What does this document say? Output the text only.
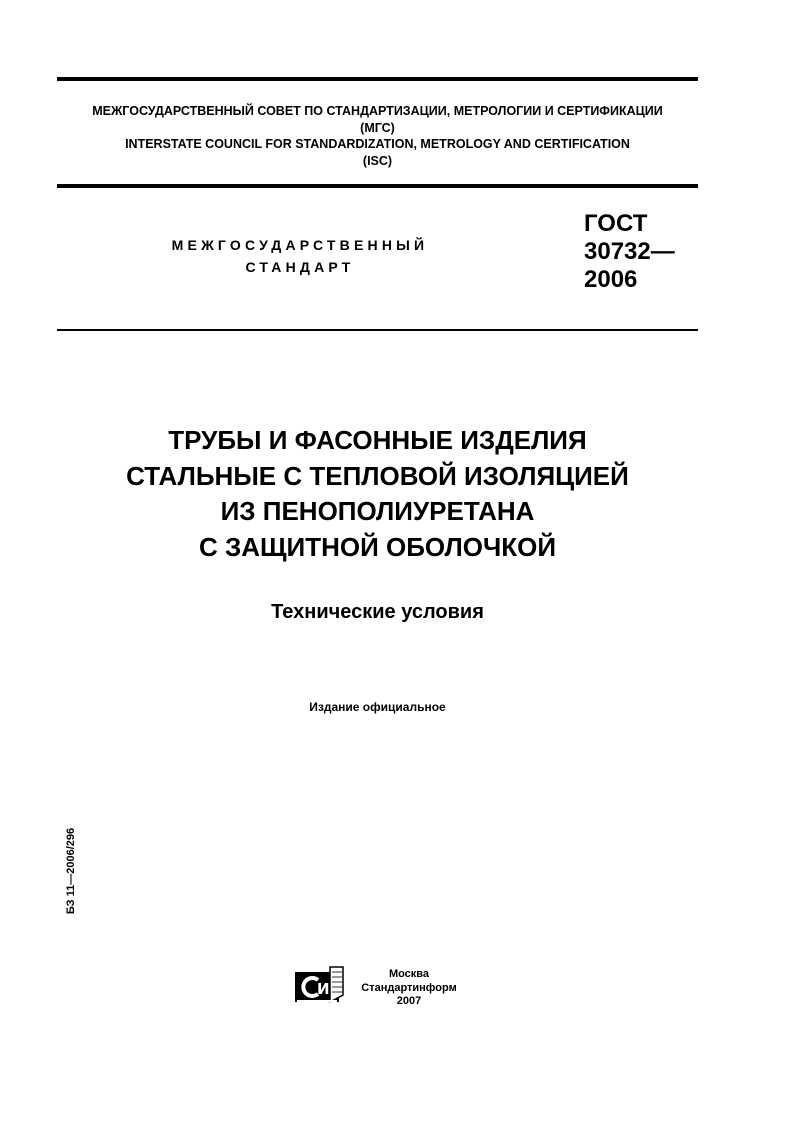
МЕЖГОСУДАРСТВЕННЫЙ СОВЕТ ПО СТАНДАРТИЗАЦИИ, МЕТРОЛОГИИ И СЕРТИФИКАЦИИ
(МГС)
INTERSTATE COUNCIL FOR STANDARDIZATION, METROLOGY AND CERTIFICATION
(ISC)
МЕЖГОСУДАРСТВЕННЫЙ
СТАНДАРТ
ГОСТ
30732—
2006
ТРУБЫ И ФАСОННЫЕ ИЗДЕЛИЯ
СТАЛЬНЫЕ С ТЕПЛОВОЙ ИЗОЛЯЦИЕЙ
ИЗ ПЕНОПОЛИУРЕТАНА
С ЗАЩИТНОЙ ОБОЛОЧКОЙ
Технические условия
Издание официальное
БЗ 11—2006/296
И
Москва
Стандартинформ
2007
